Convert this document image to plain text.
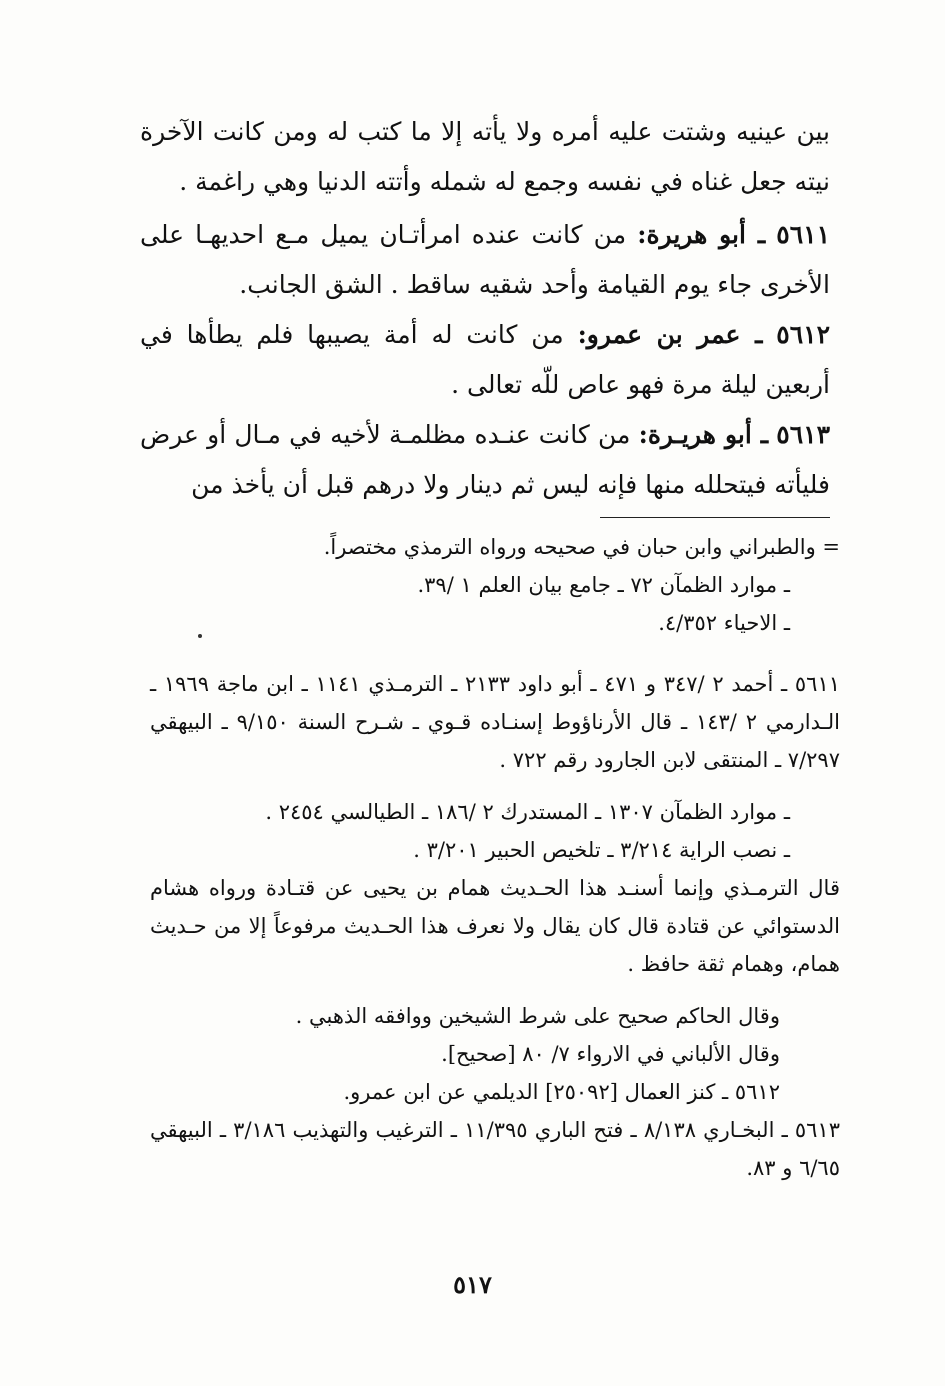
بين عينيه وشتت عليه أمره ولا يأته إلا ما كتب له ومن كانت الآخرة نيته جعل غناه في نفسه وجمع له شمله وأتته الدنيا وهي راغمة .

٥٦١١ ـ أبو هريرة: من كانت عنده امرأتـان يميل مـع احديهـا على الأخرى جاء يوم القيامة وأحد شقيه ساقط . الشق الجانب.

٥٦١٢ ـ عمر بن عمرو: من كانت له أمة يصيبها فلم يطأها في أربعين ليلة مرة فهو عاص للّه تعالى .

٥٦١٣ ـ أبو هريـرة: من كانت عنـده مظلمـة لأخيه في مـال أو عرض فليأته فيتحلله منها فإنه ليس ثم دينار ولا درهم قبل أن يأخذ من

= والطبراني وابن حبان في صحيحه ورواه الترمذي مختصراً.

ـ موارد الظمآن ٧٢ ـ جامع بيان العلم ١ /٣٩.

ـ الاحياء ٤/٣٥٢.

٥٦١١ ـ أحمد ٢ /٣٤٧ و ٤٧١ ـ أبو داود ٢١٣٣ ـ الترمـذي ١١٤١ ـ ابن ماجة ١٩٦٩ ـ الـدارمي ٢ /١٤٣ ـ قال الأرناؤوط إسنـاده قـوي ـ شـرح السنة ٩/١٥٠ ـ البيهقي ٧/٢٩٧ ـ المنتقى لابن الجارود رقم ٧٢٢ .

ـ موارد الظمآن ١٣٠٧ ـ المستدرك ٢ /١٨٦ ـ الطيالسي ٢٤٥٤ .

ـ نصب الراية ٣/٢١٤ ـ تلخيص الحبير ٣/٢٠١ .

قال الترمـذي وإنما أسنـد هذا الحـديث همام بن يحيى عن قتـادة ورواه هشام الدستوائي عن قتادة قال كان يقال ولا نعرف هذا الحـديث مرفوعاً إلا من حـديث همام، وهمام ثقة حافظ .

وقال الحاكم صحيح على شرط الشيخين ووافقه الذهبي .

وقال الألباني في الارواء ٧/ ٨٠ [صحيح].

٥٦١٢ ـ كنز العمال [٢٥٠٩٢] الديلمي عن ابن عمرو.

٥٦١٣ ـ البخـاري ٨/١٣٨ ـ فتح الباري ١١/٣٩٥ ـ الترغيب والتهذيب ٣/١٨٦ ـ البيهقي ٦/٦٥ و ٨٣.

٥١٧
